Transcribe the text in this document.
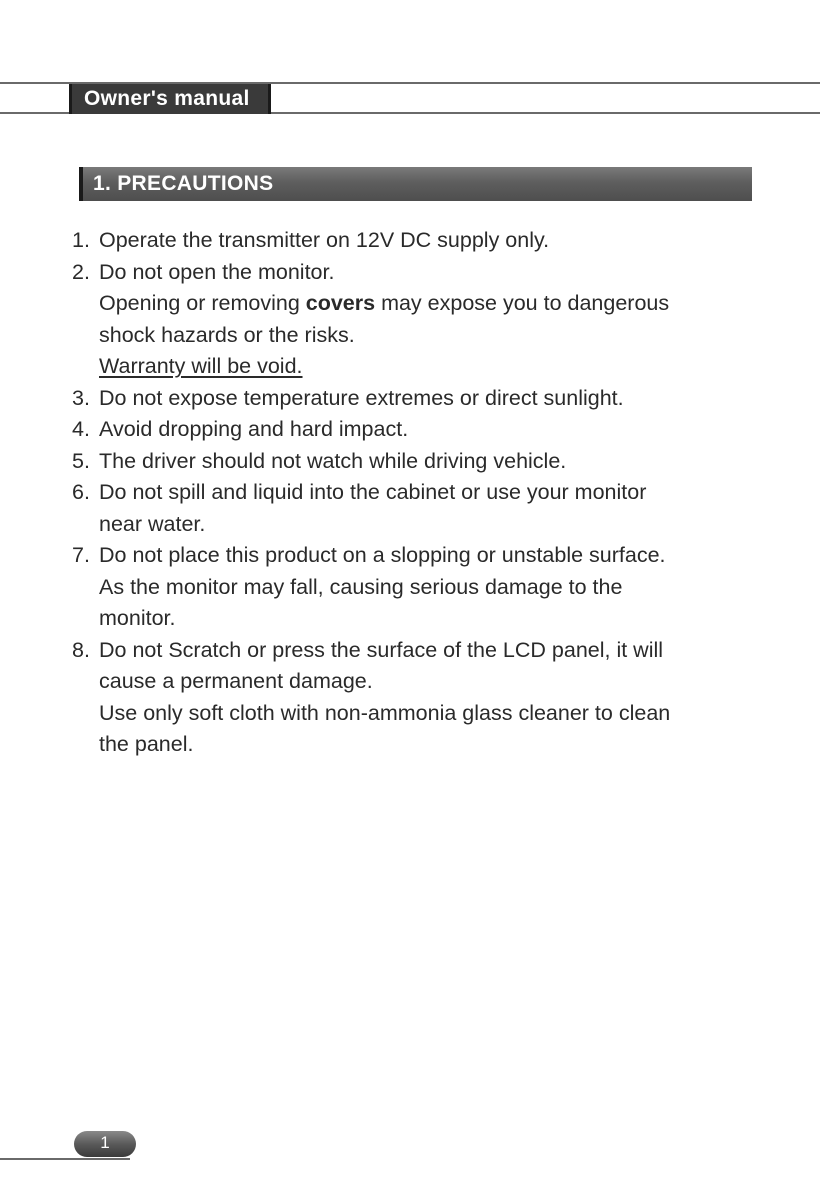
Owner's manual
1. PRECAUTIONS
1. Operate the transmitter on 12V DC supply only.
2. Do not open the monitor.
Opening or removing covers may expose you to dangerous
shock hazards or the risks.
Warranty will be void.
3. Do not expose temperature extremes or direct sunlight.
4. Avoid dropping and hard impact.
5. The driver should not watch while driving vehicle.
6. Do not spill and liquid into the cabinet or use your monitor
near water.
7. Do not place this product on a slopping or unstable surface.
As the monitor may fall, causing serious damage to the
monitor.
8. Do not Scratch or press the surface of the LCD panel, it will
cause a permanent damage.
Use only soft cloth with non-ammonia glass cleaner to clean
the panel.
1
